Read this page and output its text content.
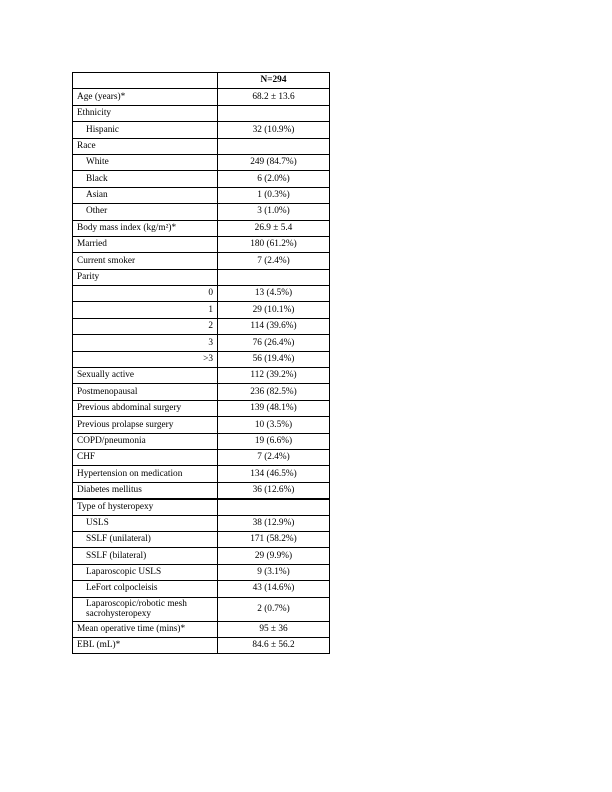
	N=294
Age (years)*	68.2 ± 13.6
Ethnicity	
Hispanic	32 (10.9%)
Race	
White	249 (84.7%)
Black	6 (2.0%)
Asian	1 (0.3%)
Other	3 (1.0%)
Body mass index (kg/m²)*	26.9 ± 5.4
Married	180 (61.2%)
Current smoker	7 (2.4%)
Parity	
0	13 (4.5%)
1	29 (10.1%)
2	114 (39.6%)
3	76 (26.4%)
>3	56 (19.4%)
Sexually active	112 (39.2%)
Postmenopausal	236 (82.5%)
Previous abdominal surgery	139 (48.1%)
Previous prolapse surgery	10 (3.5%)
COPD/pneumonia	19 (6.6%)
CHF	7 (2.4%)
Hypertension on medication	134 (46.5%)
Diabetes mellitus	36 (12.6%)
Type of hysteropexy	
USLS	38 (12.9%)
SSLF (unilateral)	171 (58.2%)
SSLF (bilateral)	29 (9.9%)
Laparoscopic USLS	9 (3.1%)
LeFort colpocleisis	43 (14.6%)
Laparoscopic/robotic mesh sacrohysteropexy	2 (0.7%)
Mean operative time (mins)*	95 ± 36
EBL (mL)*	84.6 ± 56.2
